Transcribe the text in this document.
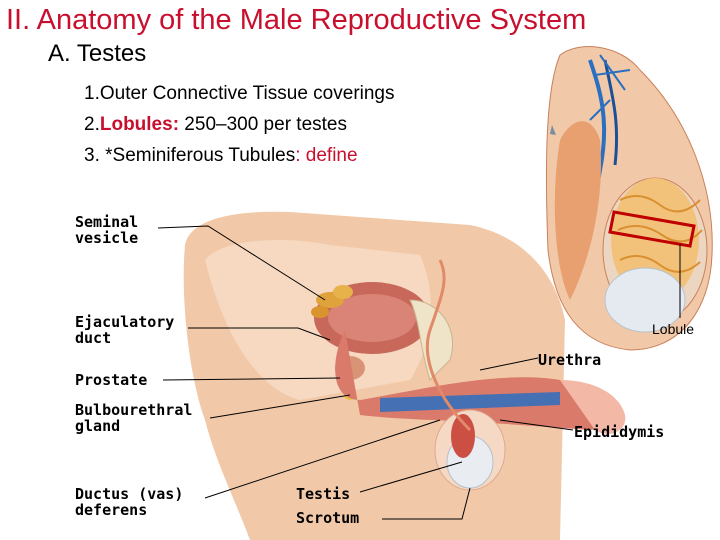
II. Anatomy of the Male Reproductive System
A. Testes
1.Outer Connective Tissue coverings
2.Lobules: 250–300 per testes
3. *Seminiferous Tubules: define
Seminal
vesicle
Ejaculatory
duct
Prostate
Bulbourethral
gland
Ductus (vas)
deferens
Testis
Scrotum
Urethra
Epididymis
Lobule
